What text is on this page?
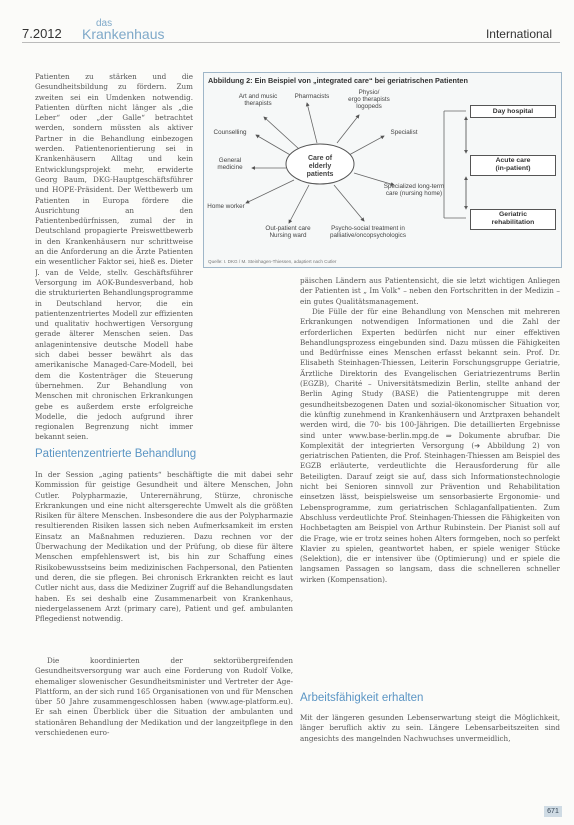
7.2012
das
Krankenhaus	International
Patienten zu stärken und die Gesundheitsbildung zu fördern. Zum zweiten sei ein Umdenken notwendig. Patienten dürften nicht länger als „die Leber“ oder „der Galle“ betrachtet werden, sondern müssten als aktiver Partner in die Behandlung einbezogen werden. Patientenorientierung sei in Krankenhäusern Alltag und kein Entwicklungsprojekt mehr, erwiderte Georg Baum, DKG-Hauptgeschäftsführer und HOPE-Präsident. Der Wettbewerb um Patienten in Europa fördere die Ausrichtung an den Patientenbedürfnissen, zumal der in Deutschland propagierte Preiswettbewerb in den Krankenhäusern nur schrittweise an die Anforderung an die Ärzte Patienten ein wesentlicher Faktor sei, hieß es. Dieter J. van de Velde, stellv. Geschäftsführer Versorgung im AOK-Bundesverband, hob die strukturierten Behandlungsprogramme in Deutschland hervor, die ein patientenzentriertes Modell zur effizienten und qualitativ hochwertigen Versorgung gerade älterer Menschen seien. Das anlagenintensive deutsche Modell habe sich dabei besser bewährt als das amerikanische Managed-Care-Modell, bei dem die Kostenträger die Steuerung übernehmen. Zur Behandlung von Menschen mit chronischen Erkrankungen gebe es außerdem erste erfolgreiche Modelle, die jedoch aufgrund ihrer regionalen Begrenzung nicht immer bekannt seien.
Abbildung 2: Ein Beispiel von „integrated care“ bei geriatrischen Patienten
Care of
elderly patients
Art and music
therapists
Pharmacists
Physio/
ergo therapists
logopeds
Counselling	Specialist
General
medicine
Specialized long-term
care (nursing home)
Home worker
Out-patient care
Nursing ward
Psycho-social treatment in
palliative/oncopsychologics
Day hospital
Acute care
(in-patient)
Geriatric
rehabilitation
Quelle: I. DKG / M. Steinhagen-Thiessen, adaptiert nach Cutler
Patientenzentrierte Behandlung

In der Session „aging patients“ beschäftigte die mit dabei sehr Kommission für geistige Gesundheit und ältere Menschen, John Cutler. Polypharmazie, Unterernährung, Stürze, chronische Erkrankungen und eine nicht altersgerechte Umwelt als die größten Risiken für ältere Menschen. Insbesondere die aus der Polypharmazie resultierenden Risiken lassen sich neben Aufmerksamkeit im ersten Einsatz an Maßnahmen reduzieren. Dazu rechnen vor der Überwachung der Medikation und der Prüfung, ob diese für ältere Menschen empfehlenswert ist, bis hin zur Schaffung eines Risikobewusstseins beim medizinischen Fachpersonal, den Patienten und deren, die sie pflegen. Bei chronisch Erkrankten reicht es laut Cutler nicht aus, dass die Mediziner Zugriff auf die Behandlungsdaten haben. Es sei deshalb eine Zusammenarbeit von Krankenhaus, niedergelassenem Arzt (primary care), Patient und gef. ambulanten Pflegedienst notwendig.

Die koordinierten der sektorübergreifenden Gesundheitsversorgung war auch eine Forderung von Rudolf Volke, ehemaliger slowenischer Gesundheitsminister und Vertreter der Age-Plattform, an der sich rund 165 Organisationen von und für Menschen über 50 Jahre zusammengeschlossen haben (www.age-platform.eu). Er sah einen Überblick über die Situation der ambulanten und stationären Behandlung der Medikation und der langzeitpflege in den verschiedenen euro-

päischen Ländern aus Patientensicht, die sie letzt wichtigen Anliegen der Patienten ist „ Im Volk“ – neben den Fortschritten in der Medizin – ein gutes Qualitätsmanagement.

Die Fülle der für eine Behandlung von Menschen mit mehreren Erkrankungen notwendigen Informationen und die Zahl der erforderlichen Experten bedürfen nicht nur einer effektiven Behandlungsprozess eingebunden sind. Dazu müssen die Fähigkeiten und Bedürfnisse eines Menschen erfasst bekannt sein. Prof. Dr. Elisabeth Steinhagen-Thiessen, Leiterin Forschungsgruppe Geriatrie, Ärztliche Direktorin des Evangelischen Geriatriezentrums Berlin (EGZB), Charité – Universitätsmedizin Berlin, stellte anhand der Berlin Aging Study (BASE) die Patientengruppe mit deren gesundheitsbezogenen Daten und sozial-ökonomischer Situation vor, die künftig zunehmend in Krankenhäusern und Arztpraxen behandelt werden wird, die 70- bis 100-Jährigen. Die detaillierten Ergebnisse sind unter www.base-berlin.mpg.de ⇒ Dokumente abrufbar. Die Komplexität der integrierten Versorgung (➔ Abbildung 2) von geriatrischen Patienten, die Prof. Steinhagen-Thiessen am Beispiel des EGZB erläuterte, verdeutlichte die Herausforderung für alle Beteiligten. Darauf zeigt sie auf, dass sich Informationstechnologie nicht bei Senioren sinnvoll zur Prävention und Rehabilitation einsetzen lässt, beispielsweise um sensorbasierte Ergonomie- und Lebensprogramme, zum geriatrischen Schlaganfallpatienten. Zum Abschluss verdeutlichte Prof. Steinhagen-Thiessen die Fähigkeiten von Hochbetagten am Beispiel von Arthur Rubinstein. Der Pianist soll auf die Frage, wie er trotz seines hohen Alters formgeben, noch so perfekt Klavier zu spielen, geantwortet haben, er spiele weniger Stücke (Selektion), die er intensiver übe (Optimierung) und er spiele die langsamen Passagen so langsam, dass die schnelleren schneller wirken (Kompensation).

Arbeitsfähigkeit erhalten
Mit der längeren gesunden Lebenserwartung steigt die Möglichkeit, länger beruflich aktiv zu sein. Längere Lebensarbeitszeiten sind angesichts des mangelnden Nachwuchses unvermeidlich,
671
